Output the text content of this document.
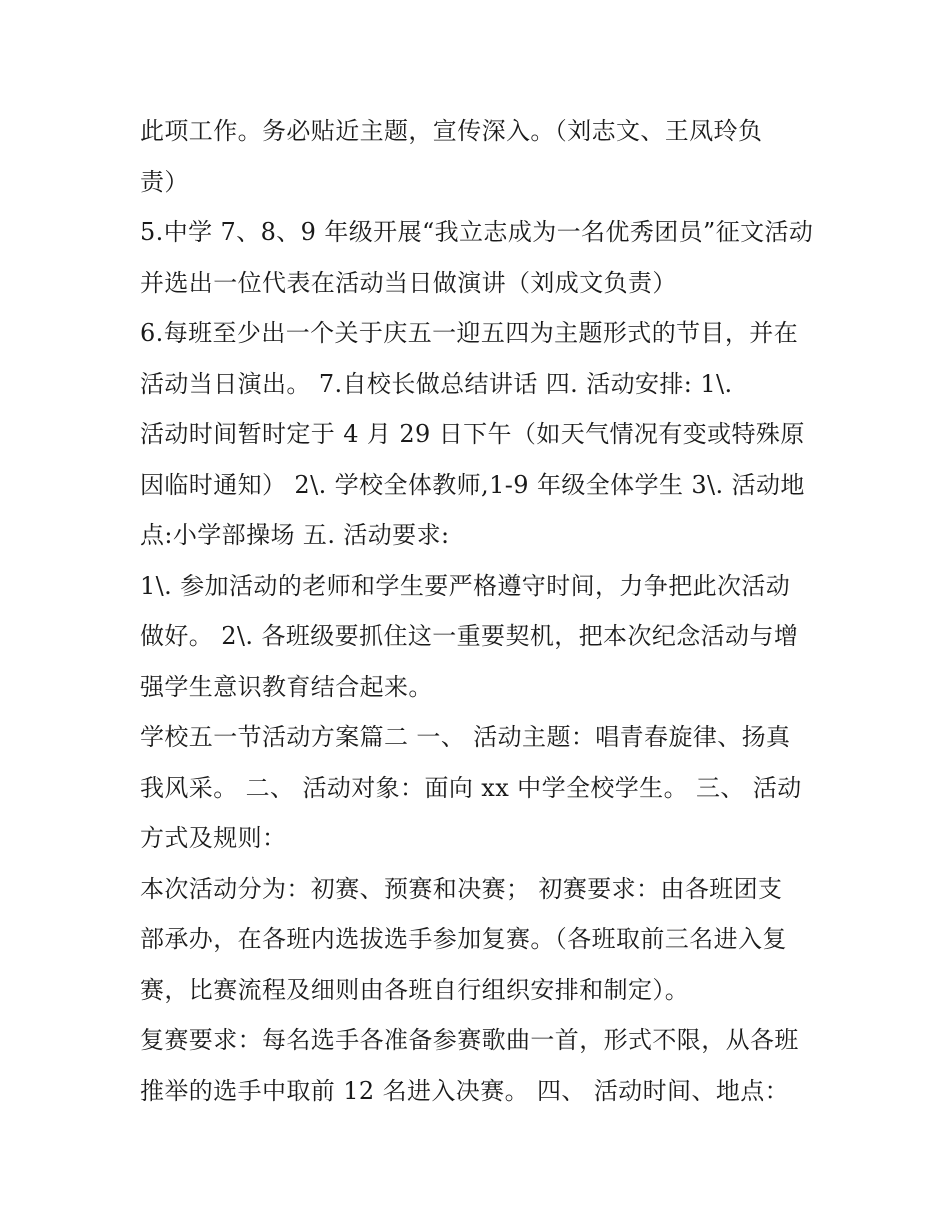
此项工作。务必贴近主题，宣传深入。（刘志文、王凤玲负
责）
5.中学 7、8、9 年级开展“我立志成为一名优秀团员”征文活动
并选出一位代表在活动当日做演讲（刘成文负责）
6.每班至少出一个关于庆五一迎五四为主题形式的节目，并在
活动当日演出。 7.自校长做总结讲话 四. 活动安排: 1\.
活动时间暂时定于 4 月 29 日下午（如天气情况有变或特殊原
因临时通知） 2\. 学校全体教师,1-9 年级全体学生 3\. 活动地
点:小学部操场 五. 活动要求:
1\. 参加活动的老师和学生要严格遵守时间，力争把此次活动
做好。 2\. 各班级要抓住这一重要契机，把本次纪念活动与增
强学生意识教育结合起来。
学校五一节活动方案篇二 一、 活动主题：唱青春旋律、扬真
我风采。 二、 活动对象：面向 xx 中学全校学生。 三、 活动
方式及规则：
本次活动分为：初赛、预赛和决赛； 初赛要求：由各班团支
部承办，在各班内选拔选手参加复赛。（各班取前三名进入复
赛，比赛流程及细则由各班自行组织安排和制定）。
复赛要求：每名选手各准备参赛歌曲一首，形式不限，从各班
推举的选手中取前 12 名进入决赛。 四、 活动时间、地点：
